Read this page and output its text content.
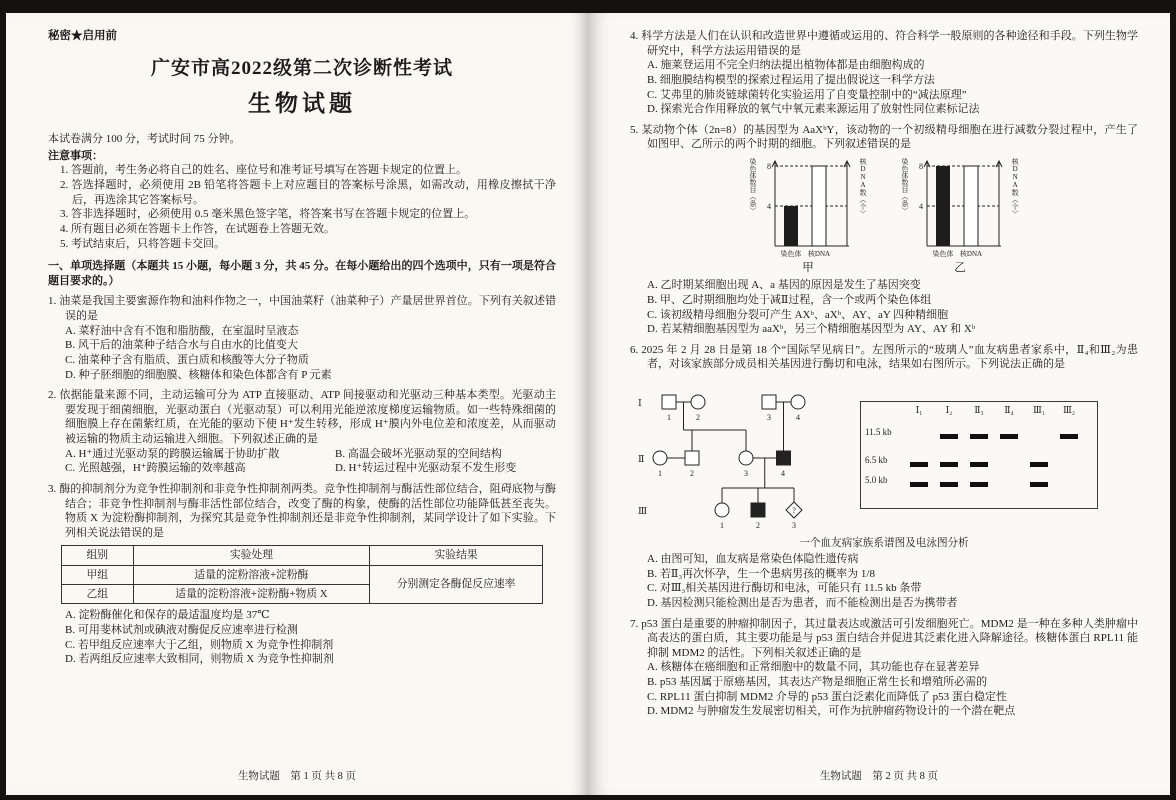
秘密★启用前
广安市高2022级第二次诊断性考试
生物试题

本试卷满分 100 分，考试时间 75 分钟。

注意事项：

1. 答题前，考生务必将自己的姓名、座位号和准考证号填写在答题卡规定的位置上。

2. 答选择题时，必须使用 2B 铅笔将答题卡上对应题目的答案标号涂黑，如需改动，用橡皮擦拭干净后，再选涂其它答案标号。

3. 答非选择题时，必须使用 0.5 毫米黑色签字笔，将答案书写在答题卡规定的位置上。

4. 所有题目必须在答题卡上作答，在试题卷上答题无效。

5. 考试结束后，只将答题卡交回。

一、单项选择题（本题共 15 小题，每小题 3 分，共 45 分。在每小题给出的四个选项中，只有一项是符合题目要求的。）

1. 油菜是我国主要蜜源作物和油料作物之一，中国油菜籽（油菜种子）产量居世界首位。下列有关叙述错误的是

A. 菜籽油中含有不饱和脂肪酸，在室温时呈液态

B. 风干后的油菜种子结合水与自由水的比值变大

C. 油菜种子含有脂质、蛋白质和核酸等大分子物质

D. 种子胚细胞的细胞膜、核糖体和染色体都含有 P 元素

2. 依据能量来源不同，主动运输可分为 ATP 直接驱动、ATP 间接驱动和光驱动三种基本类型。光驱动主要发现于细菌细胞，光驱动蛋白（光驱动泵）可以利用光能逆浓度梯度运输物质。如一些特殊细菌的细胞膜上存在菌紫红质，在光能的驱动下使 H⁺发生转移，形成 H⁺膜内外电位差和浓度差，从而驱动被运输的物质主动运输进入细胞。下列叙述正确的是

A. H⁺通过光驱动泵的跨膜运输属于协助扩散	B. 高温会破坏光驱动泵的空间结构

C. 光照越强，H⁺跨膜运输的效率越高	D. H⁺转运过程中光驱动泵不发生形变

3. 酶的抑制剂分为竞争性抑制剂和非竞争性抑制剂两类。竞争性抑制剂与酶活性部位结合，阻碍底物与酶结合；非竞争性抑制剂与酶非活性部位结合，改变了酶的构象，使酶的活性部位功能降低甚至丧失。物质 X 为淀粉酶抑制剂，为探究其是竞争性抑制剂还是非竞争性抑制剂，某同学设计了如下实验。下列相关说法错误的是

组别	实验处理	实验结果
甲组	适量的淀粉溶液+淀粉酶	分别测定各酶促反应速率
乙组	适量的淀粉溶液+淀粉酶+物质 X	

A. 淀粉酶催化和保存的最适温度均是 37℃

B. 可用斐林试剂或碘液对酶促反应速率进行检测

C. 若甲组反应速率大于乙组，则物质 X 为竞争性抑制剂

D. 若两组反应速率大致相同，则物质 X 为竞争性抑制剂

生物试题　第 1 页 共 8 页

4. 科学方法是人们在认识和改造世界中遵循或运用的、符合科学一般原则的各种途径和手段。下列生物学研究中，科学方法运用错误的是

A. 施莱登运用不完全归纳法提出植物体都是由细胞构成的

B. 细胞膜结构模型的探索过程运用了提出假说这一科学方法

C. 艾弗里的肺炎链球菌转化实验运用了自变量控制中的“减法原理”

D. 探索光合作用释放的氧气中氧元素来源运用了放射性同位素标记法

5. 某动物个体（2n=8）的基因型为 AaXᵇY，该动物的一个初级精母细胞在进行减数分裂过程中，产生了如图甲、乙所示的两个时期的细胞。下列叙述错误的是

染色体数目（条） 8
4
染色体 核DNA
核DNA数（个）
甲
染色体数目（条） 8
4
染色体 核DNA
核DNA数（个）
乙

A. 乙时期某细胞出现 A、a 基因的原因是发生了基因突变

B. 甲、乙时期细胞均处于减Ⅱ过程，含一个或两个染色体组

C. 该初级精母细胞分裂可产生 AXᵇ、aXᵇ、AY、aY 四种精细胞

D. 若某精细胞基因型为 aaXᵇ，另三个精细胞基因型为 AY、AY 和 Xᵇ

6. 2025 年 2 月 28 日是第 18 个“国际罕见病日”。左图所示的“玻璃人”血友病患者家系中，Ⅱ₄和Ⅲ₂为患者，对该家族部分成员相关基因进行酶切和电泳，结果如右图所示。下列说法正确的是

Ⅰ
Ⅱ
Ⅲ
1	2	3	4
1	2	3	4
1	2	3
?
11.5 kb
6.5 kb
5.0 kb
Ⅰ₁	Ⅰ₂	Ⅱ₃	Ⅱ₄	Ⅲ₁	Ⅲ₂
一个血友病家族系谱图及电泳图分析

A. 由图可知，血友病是常染色体隐性遗传病

B. 若Ⅱ₃再次怀孕，生一个患病男孩的概率为 1/8

C. 对Ⅲ₃相关基因进行酶切和电泳，可能只有 11.5 kb 条带

D. 基因检测只能检测出是否为患者，而不能检测出是否为携带者

7. p53 蛋白是重要的肿瘤抑制因子，其过量表达或激活可引发细胞死亡。MDM2 是一种在多种人类肿瘤中高表达的蛋白质，其主要功能是与 p53 蛋白结合并促进其泛素化进入降解途径。核糖体蛋白 RPL11 能抑制 MDM2 的活性。下列相关叙述正确的是

A. 核糖体在癌细胞和正常细胞中的数量不同，其功能也存在显著差异

B. p53 基因属于原癌基因，其表达产物是细胞正常生长和增殖所必需的

C. RPL11 蛋白抑制 MDM2 介导的 p53 蛋白泛素化而降低了 p53 蛋白稳定性

D. MDM2 与肿瘤发生发展密切相关，可作为抗肿瘤药物设计的一个潜在靶点

生物试题　第 2 页 共 8 页
